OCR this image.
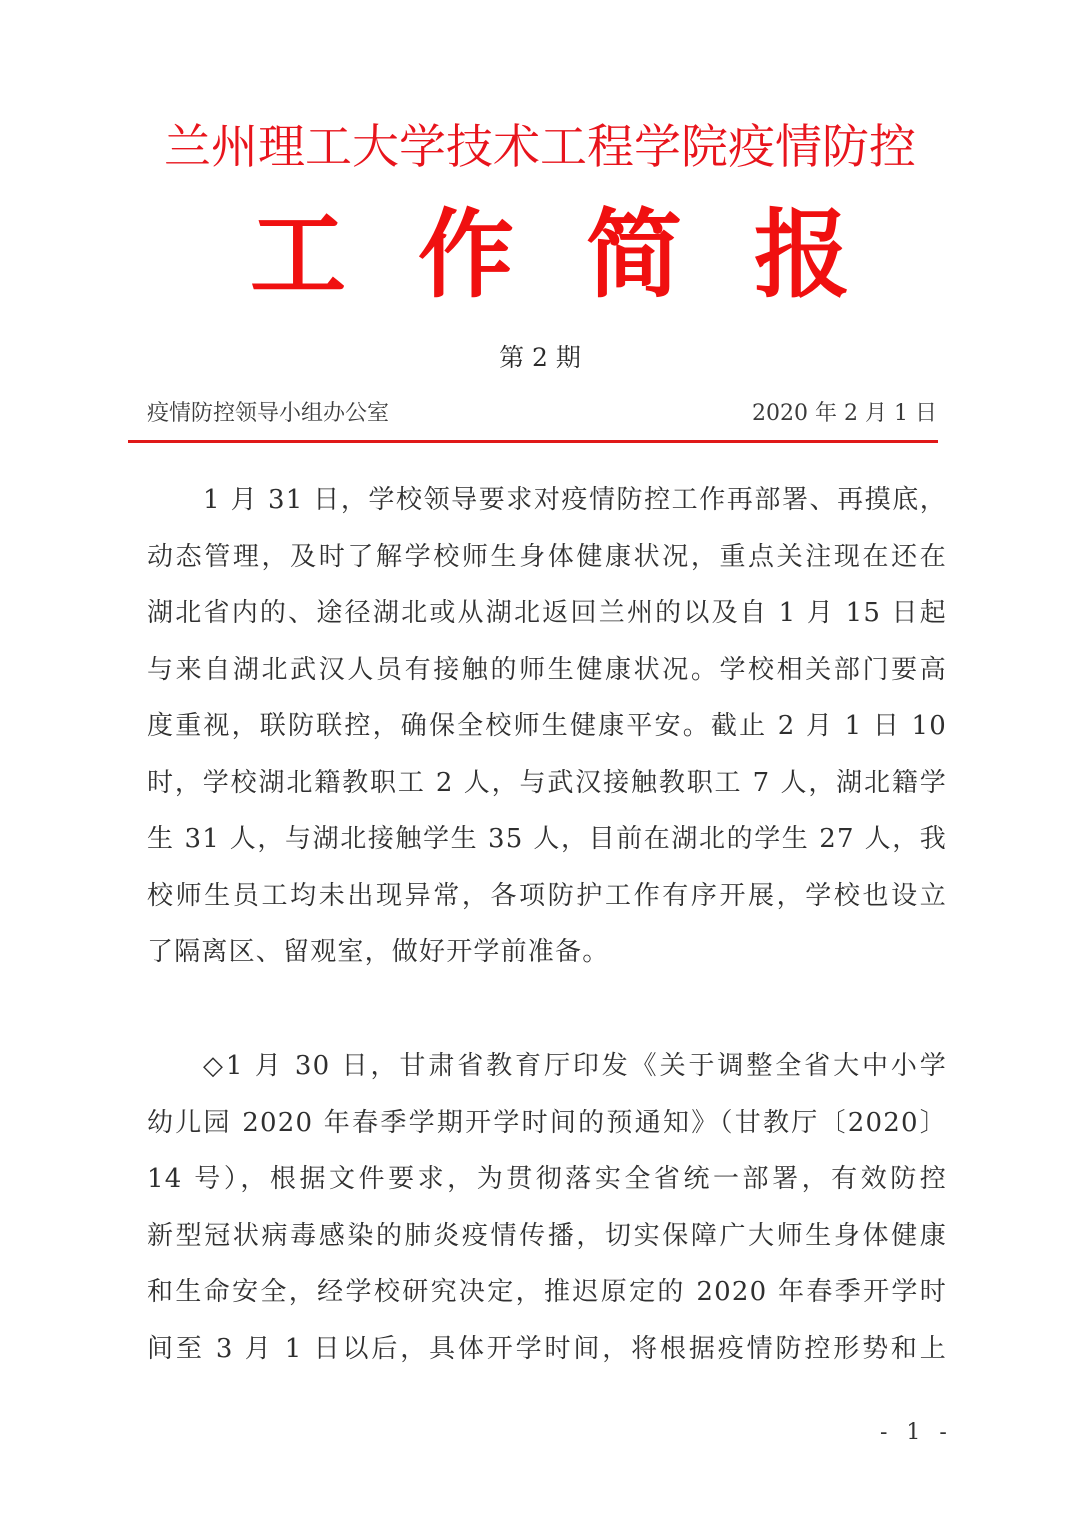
兰州理工大学技术工程学院疫情防控
工 作 简 报
第 2 期
疫情防控领导小组办公室	2020 年 2 月 1 日
1 月 31 日，学校领导要求对疫情防控工作再部署、再摸底，
动态管理，及时了解学校师生身体健康状况，重点关注现在还在
湖北省内的、途径湖北或从湖北返回兰州的以及自 1 月 15 日起
与来自湖北武汉人员有接触的师生健康状况。学校相关部门要高
度重视，联防联控，确保全校师生健康平安。截止 2 月 1 日 10
时，学校湖北籍教职工 2 人，与武汉接触教职工 7 人，湖北籍学
生 31 人，与湖北接触学生 35 人，目前在湖北的学生 27 人，我
校师生员工均未出现异常，各项防护工作有序开展，学校也设立
了隔离区、留观室，做好开学前准备。
◇1 月 30 日，甘肃省教育厅印发《关于调整全省大中小学
幼儿园 2020 年春季学期开学时间的预通知》（甘教厅〔2020〕
14 号），根据文件要求，为贯彻落实全省统一部署，有效防控
新型冠状病毒感染的肺炎疫情传播，切实保障广大师生身体健康
和生命安全，经学校研究决定，推迟原定的 2020 年春季开学时
间至 3 月 1 日以后，具体开学时间，将根据疫情防控形势和上
- 1 -
